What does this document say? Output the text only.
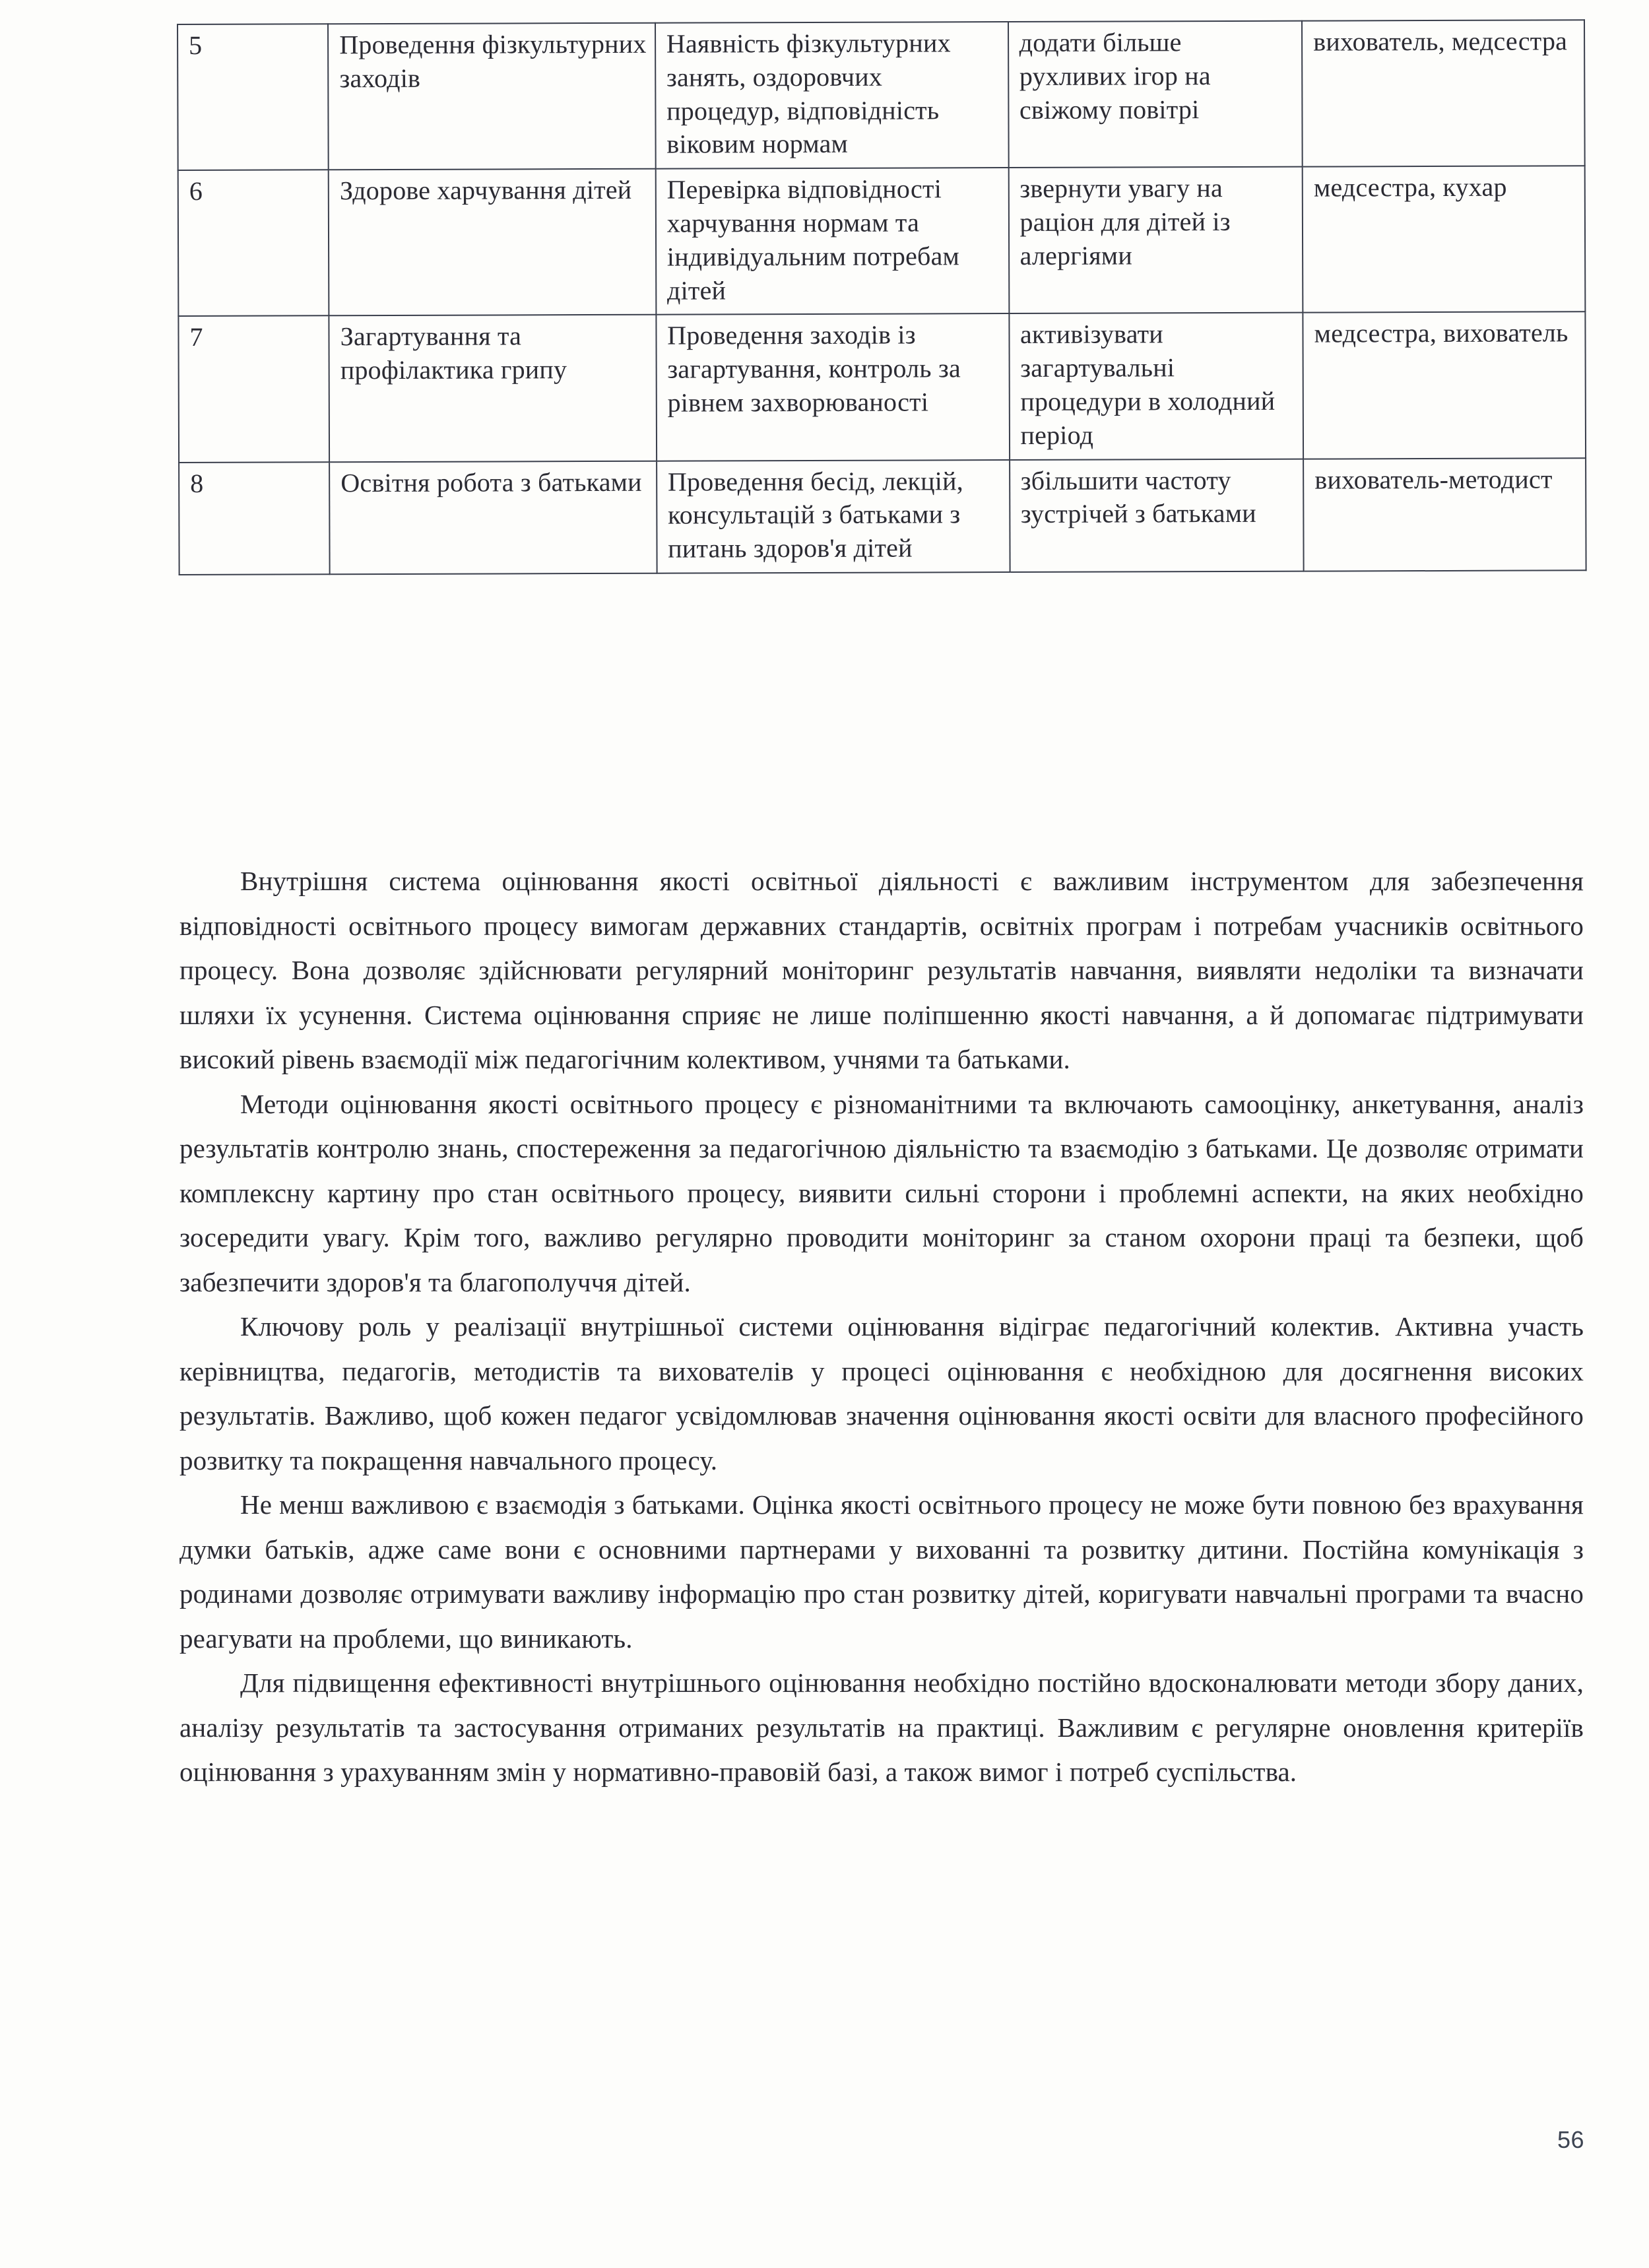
5	Проведення фізкультурних заходів	Наявність фізкультурних занять, оздоровчих процедур, відповідність віковим нормам	додати більше рухливих ігор на свіжому повітрі	вихователь, медсестра
6	Здорове харчування дітей	Перевірка відповідності харчування нормам та індивідуальним потребам дітей	звернути увагу на раціон для дітей із алергіями	медсестра, кухар
7	Загартування та профілактика грипу	Проведення заходів із загартування, контроль за рівнем захворюваності	активізувати загартувальні процедури в холодний період	медсестра, вихователь
8	Освітня робота з батьками	Проведення бесід, лекцій, консультацій з батьками з питань здоров'я дітей	збільшити частоту зустрічей з батьками	вихователь-методист

Внутрішня система оцінювання якості освітньої діяльності є важливим інструментом для забезпечення відповідності освітнього процесу вимогам державних стандартів, освітніх програм і потребам учасників освітнього процесу. Вона дозволяє здійснювати регулярний моніторинг результатів навчання, виявляти недоліки та визначати шляхи їх усунення. Система оцінювання сприяє не лише поліпшенню якості навчання, а й допомагає підтримувати високий рівень взаємодії між педагогічним колективом, учнями та батьками.

Методи оцінювання якості освітнього процесу є різноманітними та включають самооцінку, анкетування, аналіз результатів контролю знань, спостереження за педагогічною діяльністю та взаємодію з батьками. Це дозволяє отримати комплексну картину про стан освітнього процесу, виявити сильні сторони і проблемні аспекти, на яких необхідно зосередити увагу. Крім того, важливо регулярно проводити моніторинг за станом охорони праці та безпеки, щоб забезпечити здоров'я та благополуччя дітей.

Ключову роль у реалізації внутрішньої системи оцінювання відіграє педагогічний колектив. Активна участь керівництва, педагогів, методистів та вихователів у процесі оцінювання є необхідною для досягнення високих результатів. Важливо, щоб кожен педагог усвідомлював значення оцінювання якості освіти для власного професійного розвитку та покращення навчального процесу.

Не менш важливою є взаємодія з батьками. Оцінка якості освітнього процесу не може бути повною без врахування думки батьків, адже саме вони є основними партнерами у вихованні та розвитку дитини. Постійна комунікація з родинами дозволяє отримувати важливу інформацію про стан розвитку дітей, коригувати навчальні програми та вчасно реагувати на проблеми, що виникають.

Для підвищення ефективності внутрішнього оцінювання необхідно постійно вдосконалювати методи збору даних, аналізу результатів та застосування отриманих результатів на практиці. Важливим є регулярне оновлення критеріїв оцінювання з урахуванням змін у нормативно-правовій базі, а також вимог і потреб суспільства.

56
